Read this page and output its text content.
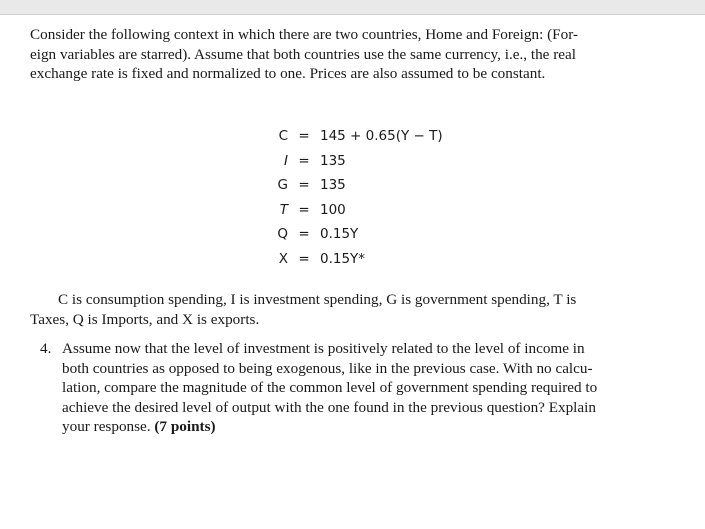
Consider the following context in which there are two countries, Home and Foreign: (For-
eign variables are starred). Assume that both countries use the same currency, i.e., the real
exchange rate is fixed and normalized to one. Prices are also assumed to be constant.
C = 145 + 0.65(Y − T)
I = 135
G = 135
T = 100
Q = 0.15Y
X = 0.15Y*
C is consumption spending, I is investment spending, G is government spending, T is
Taxes, Q is Imports, and X is exports.
4. Assume now that the level of investment is positively related to the level of income in
both countries as opposed to being exogenous, like in the previous case. With no calcu-
lation, compare the magnitude of the common level of government spending required to
achieve the desired level of output with the one found in the previous question? Explain
your response. (7 points)
